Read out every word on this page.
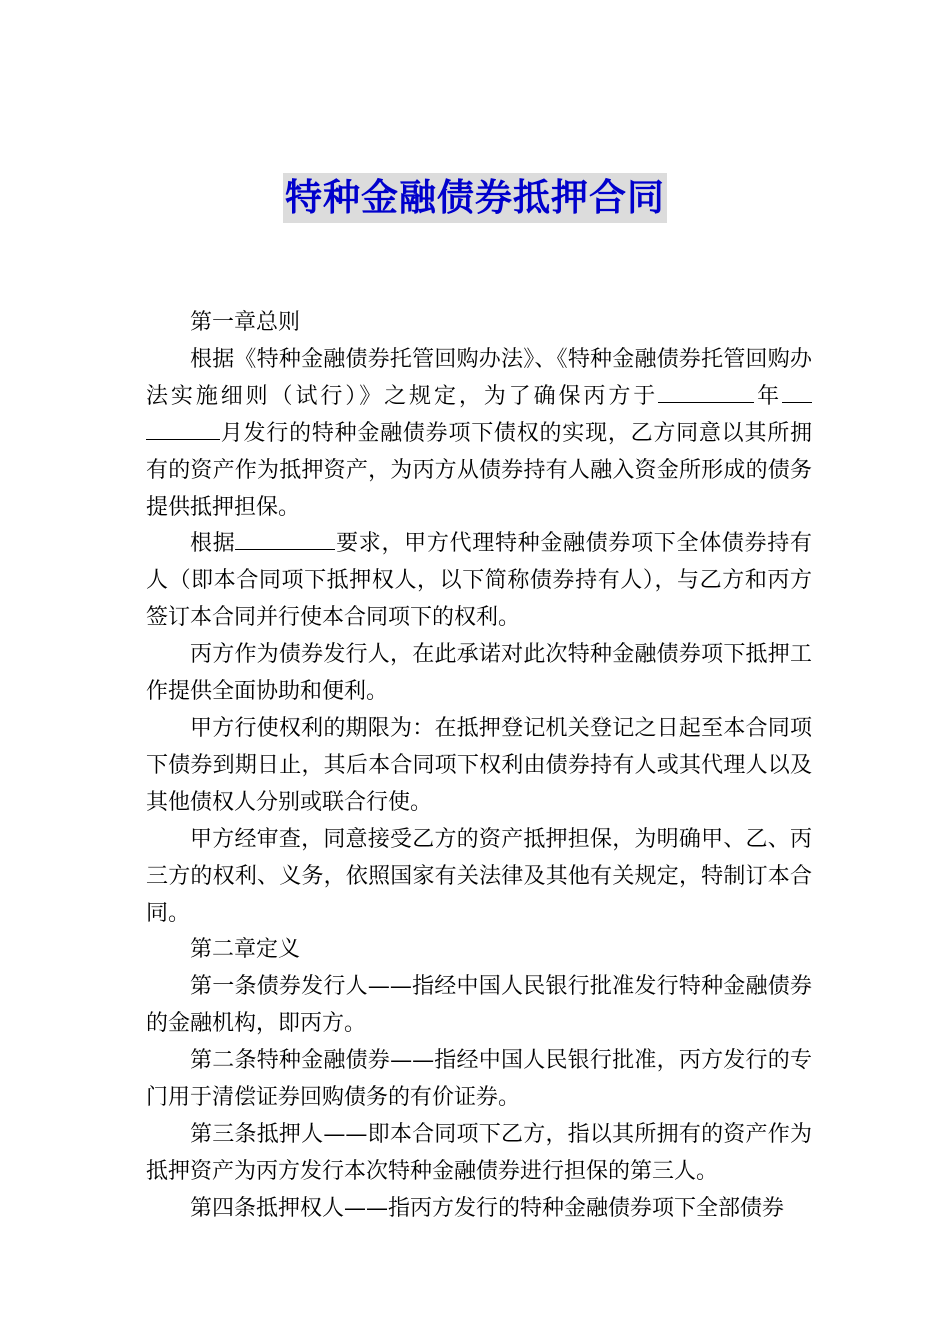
特种金融债券抵押合同

第一章总则

根据《特种金融债券托管回购办法》、《特种金融债券托管回购办法实施细则（试行）》之规定，为了确保丙方于	年月发行的特种金融债券项下债权的实现，乙方同意以其所拥有的资产作为抵押资产，为丙方从债券持有人融入资金所形成的债务提供抵押担保。

根据	要求，甲方代理特种金融债券项下全体债券持有人（即本合同项下抵押权人，以下简称债券持有人），与乙方和丙方签订本合同并行使本合同项下的权利。

丙方作为债券发行人，在此承诺对此次特种金融债券项下抵押工作提供全面协助和便利。

甲方行使权利的期限为：在抵押登记机关登记之日起至本合同项下债券到期日止，其后本合同项下权利由债券持有人或其代理人以及其他债权人分别或联合行使。

甲方经审查，同意接受乙方的资产抵押担保，为明确甲、乙、丙三方的权利、义务，依照国家有关法律及其他有关规定，特制订本合同。

第二章定义

第一条债券发行人——指经中国人民银行批准发行特种金融债券的金融机构，即丙方。

第二条特种金融债券——指经中国人民银行批准，丙方发行的专门用于清偿证券回购债务的有价证券。

第三条抵押人——即本合同项下乙方，指以其所拥有的资产作为抵押资产为丙方发行本次特种金融债券进行担保的第三人。

第四条抵押权人——指丙方发行的特种金融债券项下全部债券
